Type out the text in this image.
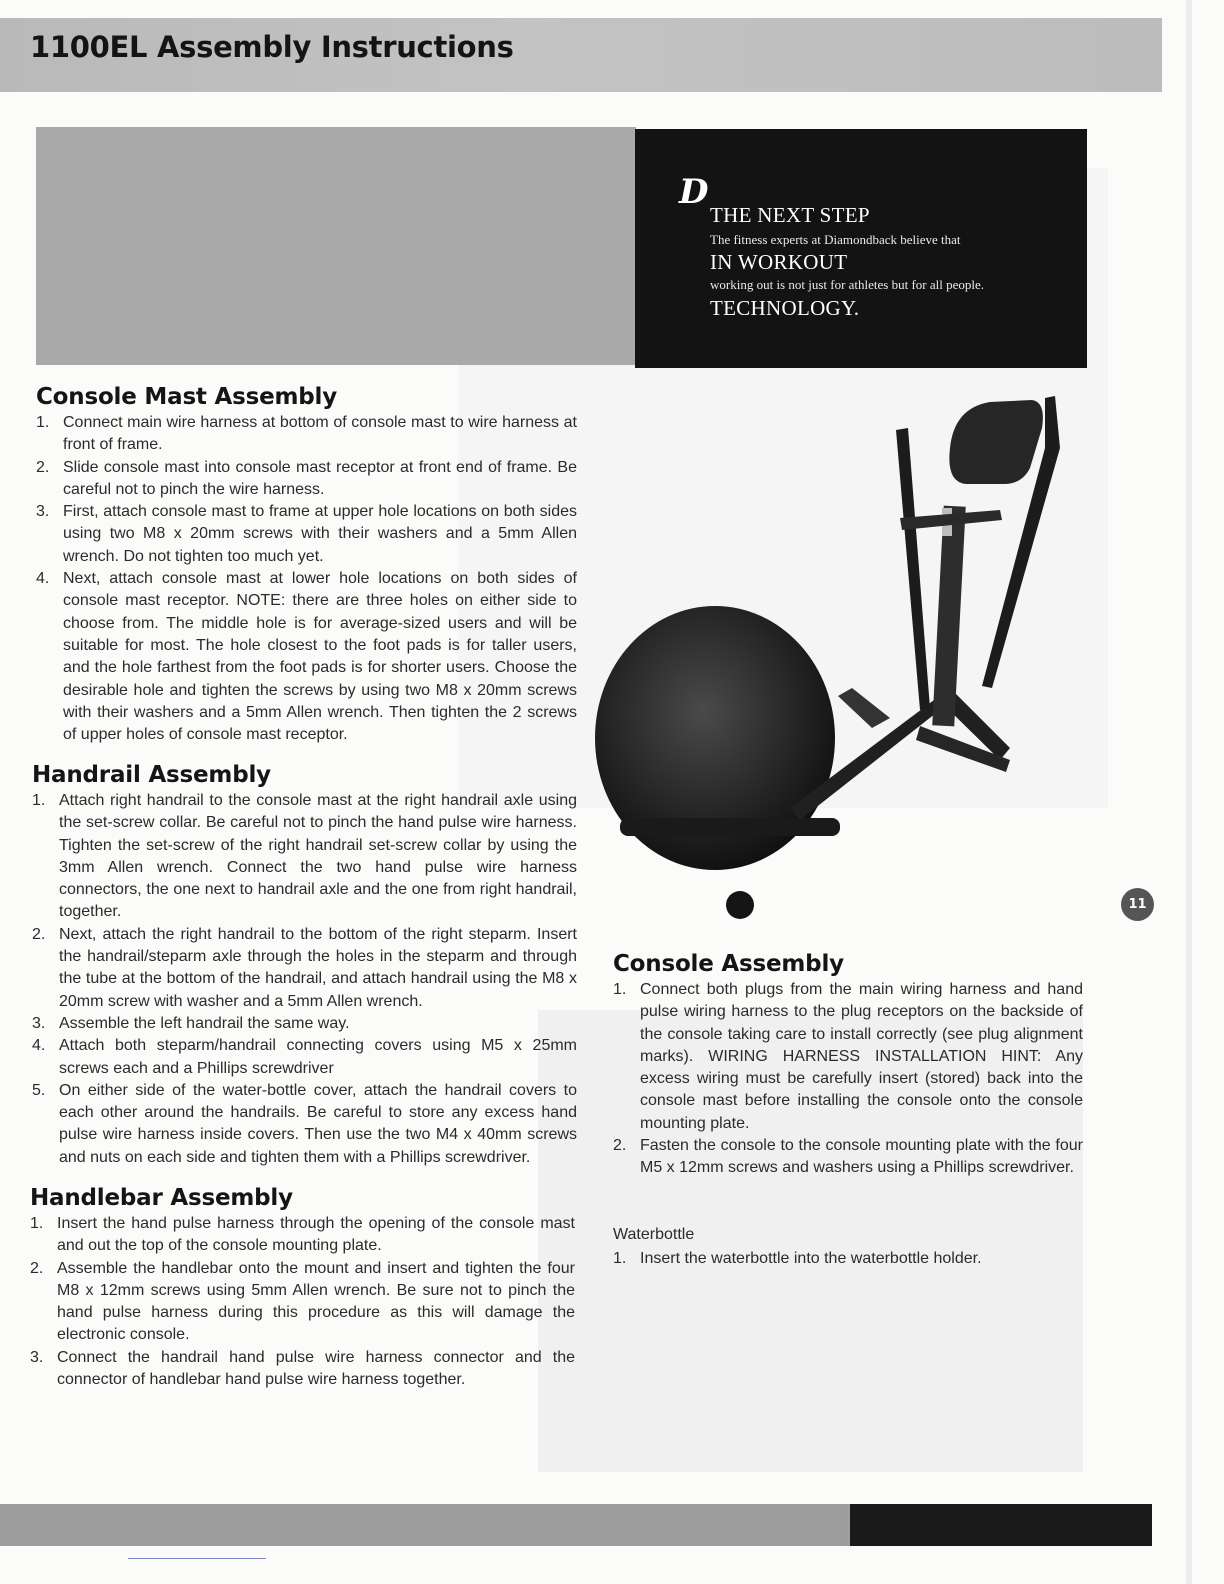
1100EL Assembly Instructions
D

THE NEXT STEP

The fitness experts at Diamondback believe that

IN WORKOUT

working out is not just for athletes but for all people.

TECHNOLOGY.

Console Mast Assembly
1. Connect main wire harness at bottom of console mast to wire harness at front of frame.
2. Slide console mast into console mast receptor at front end of frame. Be careful not to pinch the wire harness.
3. First, attach console mast to frame at upper hole locations on both sides using two M8 x 20mm screws with their washers and a 5mm Allen wrench. Do not tighten too much yet.
4. Next, attach console mast at lower hole locations on both sides of console mast receptor. NOTE: there are three holes on either side to choose from. The middle hole is for average-sized users and will be suitable for most. The hole closest to the foot pads is for taller users, and the hole farthest from the foot pads is for shorter users. Choose the desirable hole and tighten the screws by using two M8 x 20mm screws with their washers and a 5mm Allen wrench. Then tighten the 2 screws of upper holes of console mast receptor.
Handrail Assembly
1. Attach right handrail to the console mast at the right handrail axle using the set-screw collar. Be careful not to pinch the hand pulse wire harness. Tighten the set-screw of the right handrail set-screw collar by using the 3mm Allen wrench. Connect the two hand pulse wire harness connectors, the one next to handrail axle and the one from right handrail, together.
2. Next, attach the right handrail to the bottom of the right steparm. Insert the handrail/steparm axle through the holes in the steparm and through the tube at the bottom of the handrail, and attach handrail using the M8 x 20mm screw with washer and a 5mm Allen wrench.
3. Assemble the left handrail the same way.
4. Attach both steparm/handrail connecting covers using M5 x 25mm screws each and a Phillips screwdriver
5. On either side of the water-bottle cover, attach the handrail covers to each other around the handrails. Be careful to store any excess hand pulse wire harness inside covers. Then use the two M4 x 40mm screws and nuts on each side and tighten them with a Phillips screwdriver.
Handlebar Assembly
1. Insert the hand pulse harness through the opening of the console mast and out the top of the console mounting plate.
2. Assemble the handlebar onto the mount and insert and tighten the four M8 x 12mm screws using 5mm Allen wrench. Be sure not to pinch the hand pulse harness during this procedure as this will damage the electronic console.
3. Connect the handrail hand pulse wire harness connector and the connector of handlebar hand pulse wire harness together.
Console Assembly
1. Connect both plugs from the main wiring harness and hand pulse wiring harness to the plug receptors on the backside of the console taking care to install correctly (see plug alignment marks). WIRING HARNESS INSTALLATION HINT: Any excess wiring must be carefully insert (stored) back into the console mast before installing the console onto the console mounting plate.
2. Fasten the console to the console mounting plate with the four M5 x 12mm screws and washers using a Phillips screwdriver.

Waterbottle

1. Insert the waterbottle into the waterbottle holder.
11
